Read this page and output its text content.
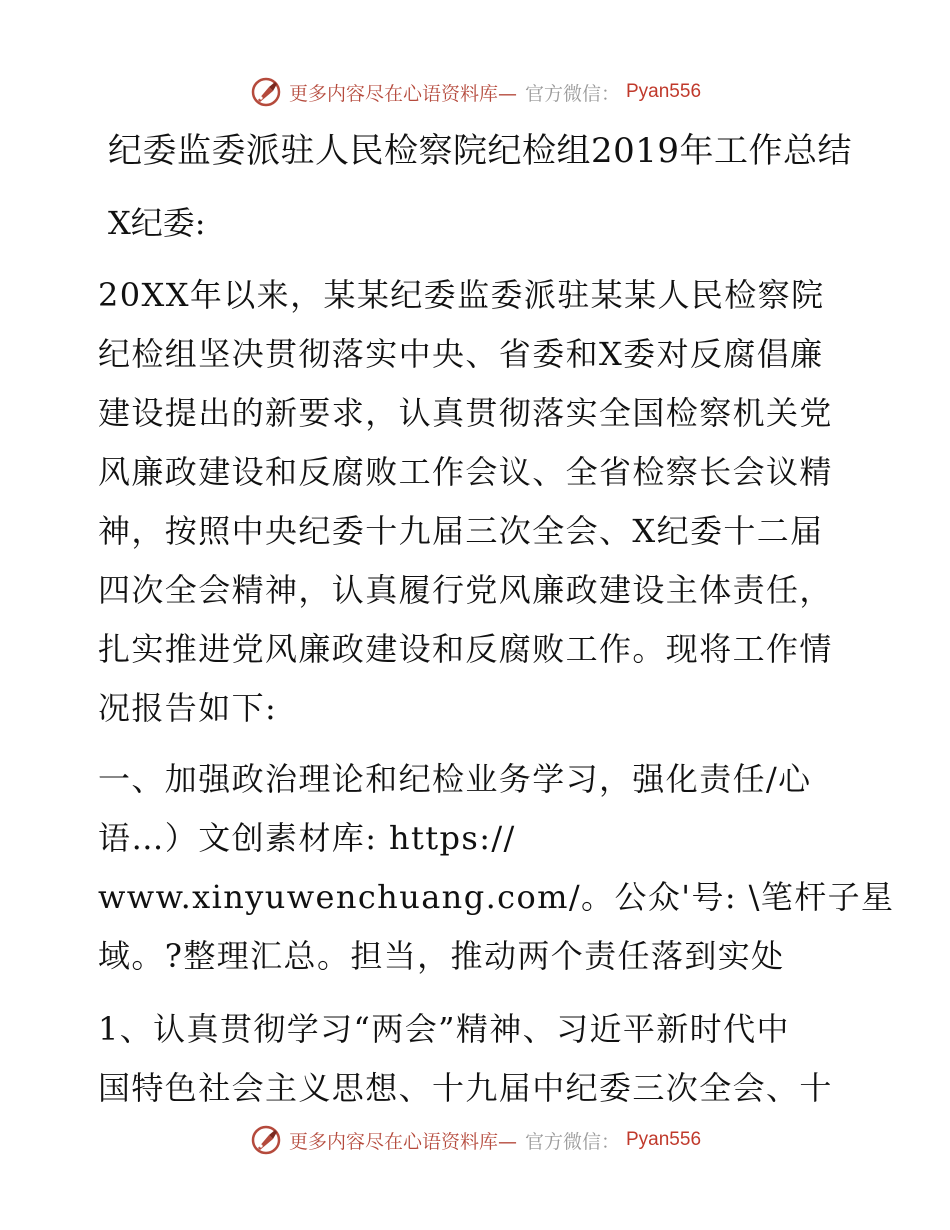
更多内容尽在心语资料库— 官方微信： Pyan556
纪委监委派驻人民检察院纪检组2019年工作总结
X纪委:
20XX年以来，某某纪委监委派驻某某人民检察院
纪检组坚决贯彻落实中央、省委和X委对反腐倡廉
建设提出的新要求，认真贯彻落实全国检察机关党
风廉政建设和反腐败工作会议、全省检察长会议精
神，按照中央纪委十九届三次全会、X纪委十二届
四次全会精神，认真履行党风廉政建设主体责任，
扎实推进党风廉政建设和反腐败工作。现将工作情
况报告如下:
一、加强政治理论和纪检业务学习，强化责任/心
语…）文创素材库: https://
www.xinyuwenchuang.com/。公众'号: \笔杆子星
域。?整理汇总。担当，推动两个责任落到实处
1、认真贯彻学习“两会”精神、习近平新时代中
国特色社会主义思想、十九届中纪委三次全会、十
更多内容尽在心语资料库— 官方微信： Pyan556
